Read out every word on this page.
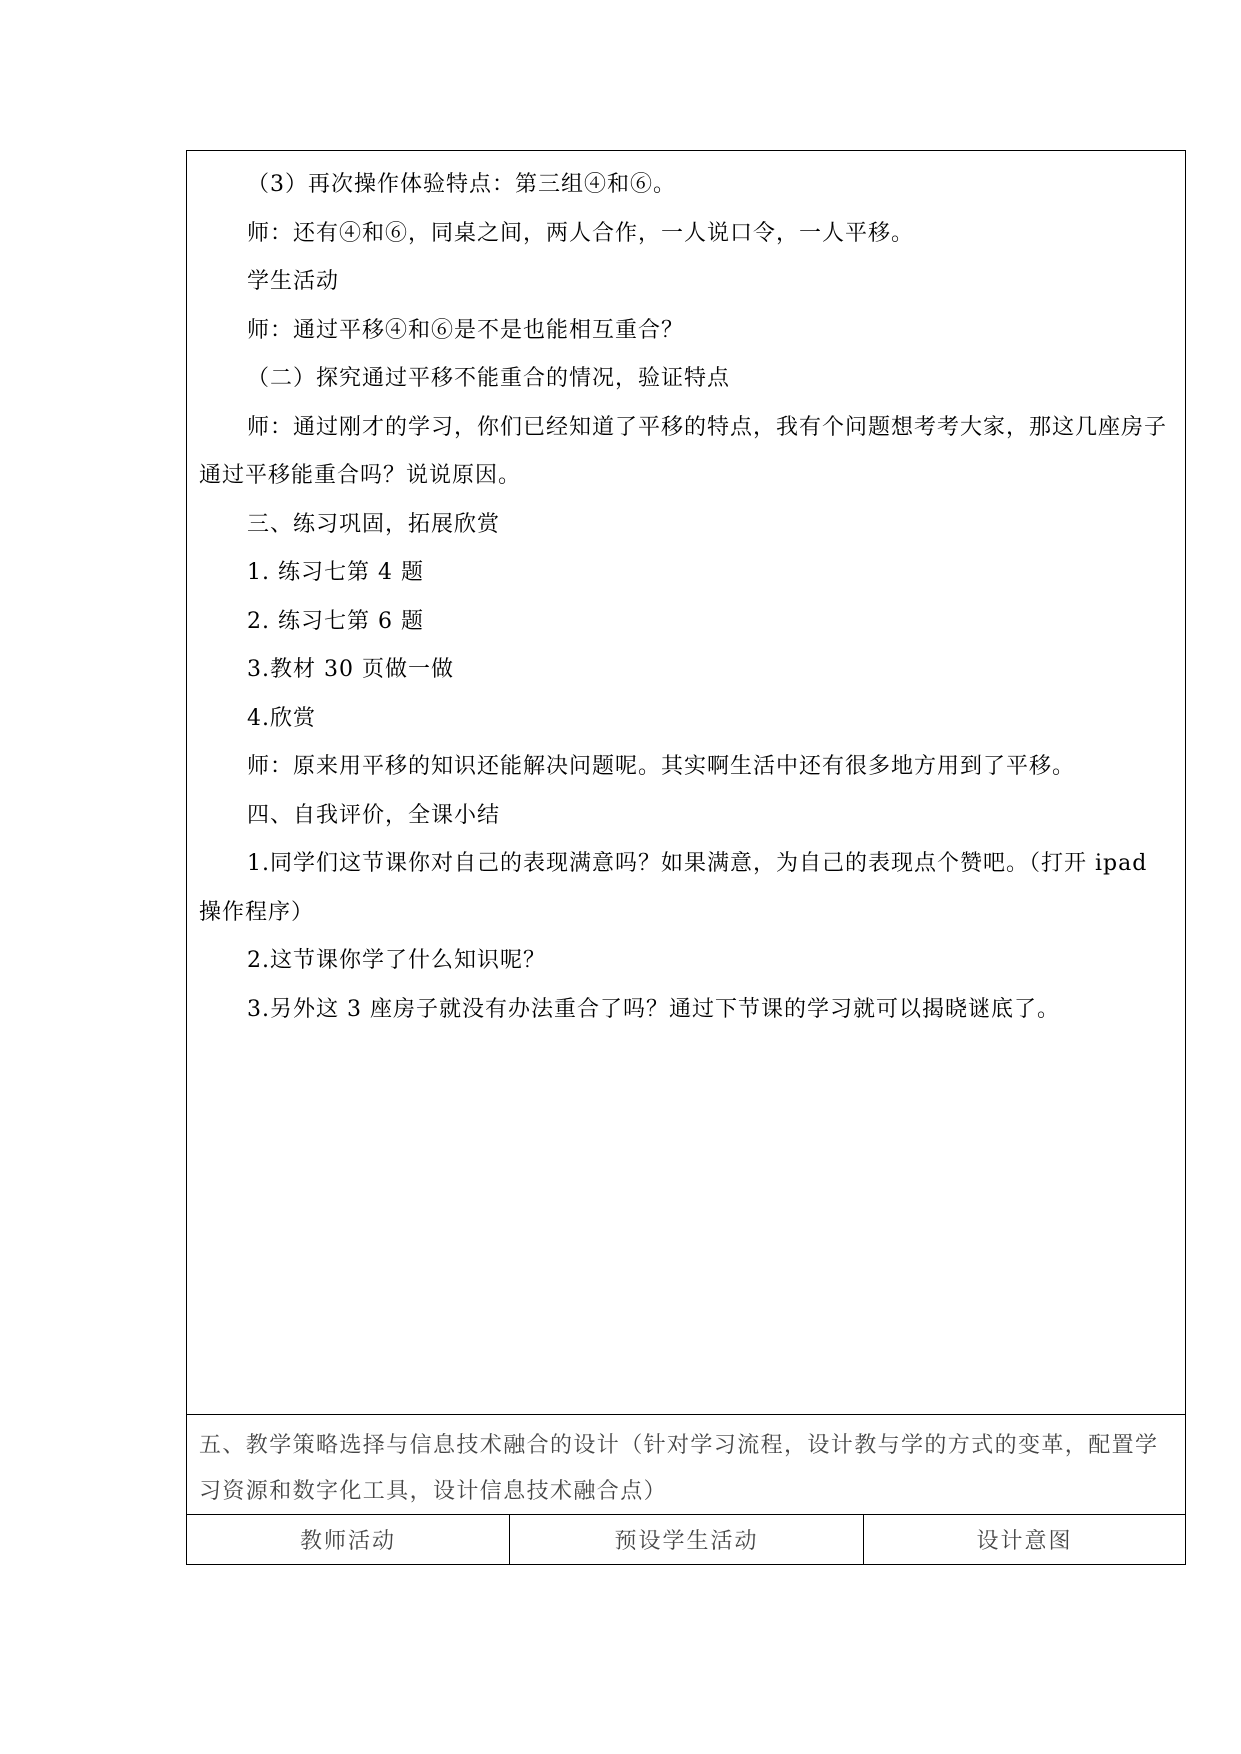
（3）再次操作体验特点：第三组④和⑥。

师：还有④和⑥，同桌之间，两人合作，一人说口令，一人平移。

学生活动

师：通过平移④和⑥是不是也能相互重合？

（二）探究通过平移不能重合的情况，验证特点

师：通过刚才的学习，你们已经知道了平移的特点，我有个问题想考考大家，那这几座房子通过平移能重合吗？说说原因。

三、练习巩固，拓展欣赏

1. 练习七第 4 题

2. 练习七第 6 题

3.教材 30 页做一做

4.欣赏

师：原来用平移的知识还能解决问题呢。其实啊生活中还有很多地方用到了平移。

四、自我评价，全课小结

1.同学们这节课你对自己的表现满意吗？如果满意，为自己的表现点个赞吧。（打开 ipad 操作程序）

2.这节课你学了什么知识呢？

3.另外这 3 座房子就没有办法重合了吗？通过下节课的学习就可以揭晓谜底了。

五、教学策略选择与信息技术融合的设计（针对学习流程，设计教与学的方式的变革，配置学习资源和数字化工具，设计信息技术融合点）

教师活动	预设学生活动	设计意图
